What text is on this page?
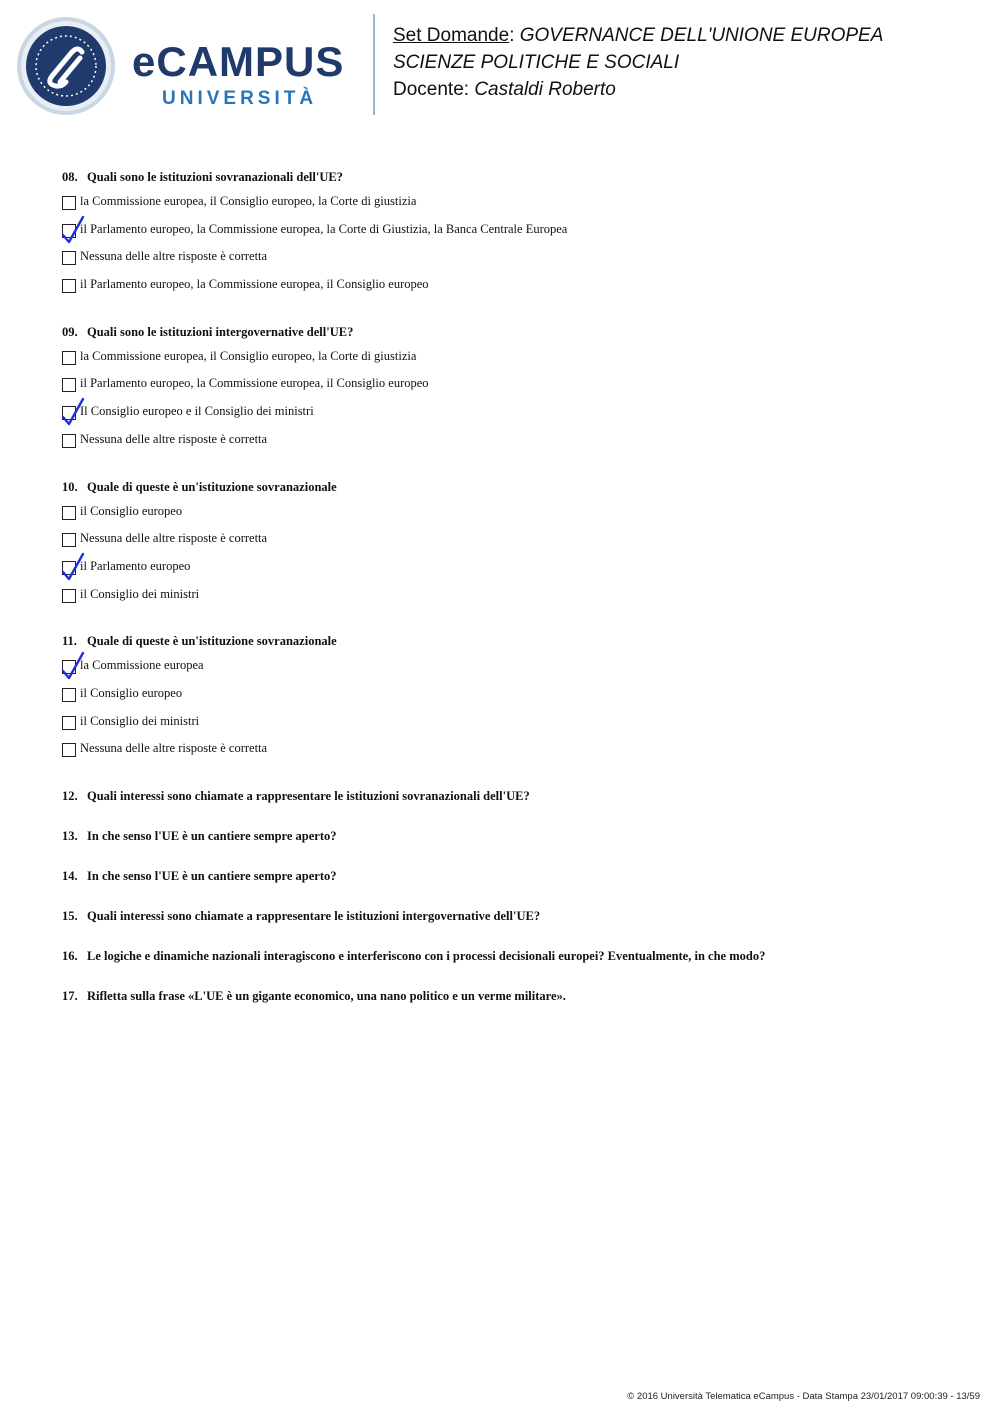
eCAMPUS
UNIVERSITÀ
Set Domande: GOVERNANCE DELL'UNIONE EUROPEA
SCIENZE POLITICHE E SOCIALI
Docente: Castaldi Roberto
08. Quali sono le istituzioni sovranazionali dell'UE?
la Commissione europea, il Consiglio europeo, la Corte di giustizia
il Parlamento europeo, la Commissione europea, la Corte di Giustizia, la Banca Centrale Europea
Nessuna delle altre risposte è corretta
il Parlamento europeo, la Commissione europea, il Consiglio europeo
09. Quali sono le istituzioni intergovernative dell'UE?
la Commissione europea, il Consiglio europeo, la Corte di giustizia
il Parlamento europeo, la Commissione europea, il Consiglio europeo
Il Consiglio europeo e il Consiglio dei ministri
Nessuna delle altre risposte è corretta
10. Quale di queste è un'istituzione sovranazionale
il Consiglio europeo
Nessuna delle altre risposte è corretta
il Parlamento europeo
il Consiglio dei ministri
11. Quale di queste è un'istituzione sovranazionale
la Commissione europea
il Consiglio europeo
il Consiglio dei ministri
Nessuna delle altre risposte è corretta
12. Quali interessi sono chiamate a rappresentare le istituzioni sovranazionali dell'UE?
13. In che senso l'UE è un cantiere sempre aperto?
14. In che senso l'UE è un cantiere sempre aperto?
15. Quali interessi sono chiamate a rappresentare le istituzioni intergovernative dell'UE?
16. Le logiche e dinamiche nazionali interagiscono e interferiscono con i processi decisionali europei? Eventualmente, in che modo?
17. Rifletta sulla frase «L'UE è un gigante economico, una nano politico e un verme militare».
© 2016 Università Telematica eCampus - Data Stampa 23/01/2017 09:00:39 - 13/59
